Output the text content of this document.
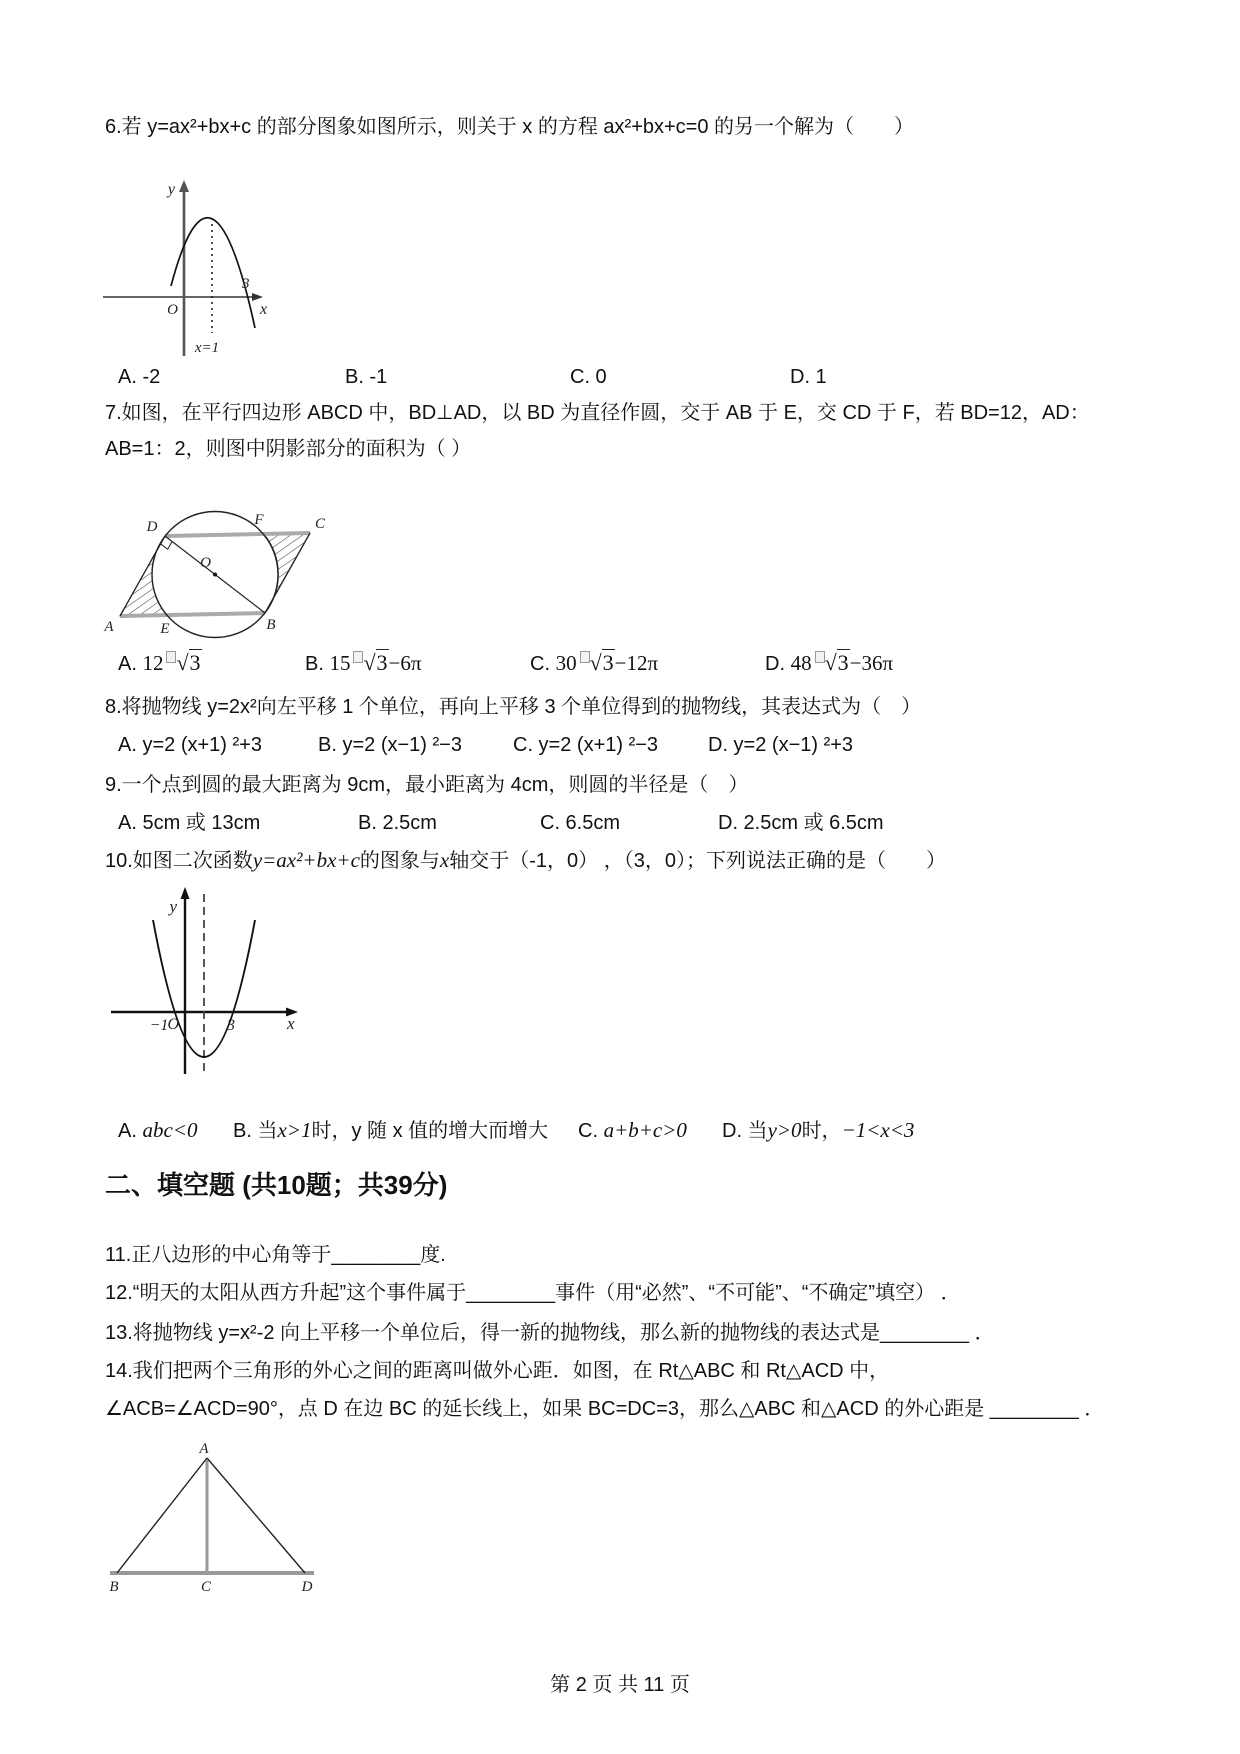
6.若 y=ax²+bx+c 的部分图象如图所示，则关于 x 的方程 ax²+bx+c=0 的另一个解为（　　）
y
O
3
x
x=1
A. -2	B. -1	C. 0	D. 1
7.如图，在平行四边形 ABCD 中，BD⊥AD，以 BD 为直径作圆，交于 AB 于 E，交 CD 于 F，若 BD=12，AD：
AB=1：2，则图中阴影部分的面积为（ ）
O
D	F	C
A	E	B
A. 12 √3	B. 15 √3−6π	C. 30 √3−12π	D. 48 √3−36π
8.将抛物线 y=2x²向左平移 1 个单位，再向上平移 3 个单位得到的抛物线，其表达式为（　）
A. y=2 (x+1) ²+3	B. y=2 (x−1) ²−3	C. y=2 (x+1) ²−3	D. y=2 (x−1) ²+3
9.一个点到圆的最大距离为 9cm，最小距离为 4cm，则圆的半径是（　）
A. 5cm 或 13cm	B. 2.5cm	C. 6.5cm	D. 2.5cm 或 6.5cm
10.如图二次函数y=ax²+bx+c的图象与x轴交于（-1，0） ，（3，0）；下列说法正确的是（　　）
y
x
O
−1	3
A. abc<0	B. 当x>1时，y 随 x 值的增大而增大	C. a+b+c>0	D. 当y>0时，−1<x<3
二、填空题 (共10题；共39分)
11.正八边形的中心角等于________度.
12.“明天的太阳从西方升起”这个事件属于________事件（用“必然”、“不可能”、“不确定”填空） ．
13.将抛物线 y=x²-2 向上平移一个单位后，得一新的抛物线，那么新的抛物线的表达式是________ ．
14.我们把两个三角形的外心之间的距离叫做外心距．如图，在 Rt△ABC 和 Rt△ACD 中，
∠ACB=∠ACD=90°，点 D 在边 BC 的延长线上，如果 BC=DC=3，那么△ABC 和△ACD 的外心距是 ________ ．
A
B	C	D
第 2 页 共 11 页
